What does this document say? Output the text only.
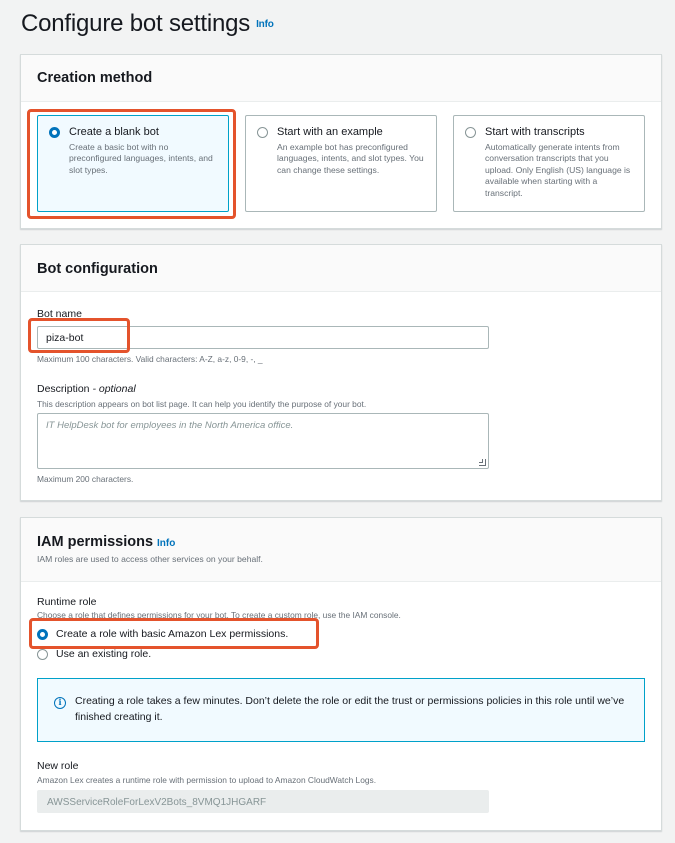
Configure bot settings Info
Creation method
Create a blank bot
Create a basic bot with no preconfigured languages, intents, and slot types.
Start with an example
An example bot has preconfigured languages, intents, and slot types. You can change these settings.
Start with transcripts
Automatically generate intents from conversation transcripts that you upload. Only English (US) language is available when starting with a transcript.
Bot configuration
Bot name
piza-bot
Maximum 100 characters. Valid characters: A-Z, a-z, 0-9, -, _
Description - optional
This description appears on bot list page. It can help you identify the purpose of your bot.
IT HelpDesk bot for employees in the North America office.
Maximum 200 characters.
IAM permissions Info
IAM roles are used to access other services on your behalf.
Runtime role
Choose a role that defines permissions for your bot. To create a custom role, use the IAM console.
Create a role with basic Amazon Lex permissions.
Use an existing role.
i	Creating a role takes a few minutes. Don’t delete the role or edit the trust or permissions policies in this role until we’ve finished creating it.
New role
Amazon Lex creates a runtime role with permission to upload to Amazon CloudWatch Logs.
AWSServiceRoleForLexV2Bots_8VMQ1JHGARF
